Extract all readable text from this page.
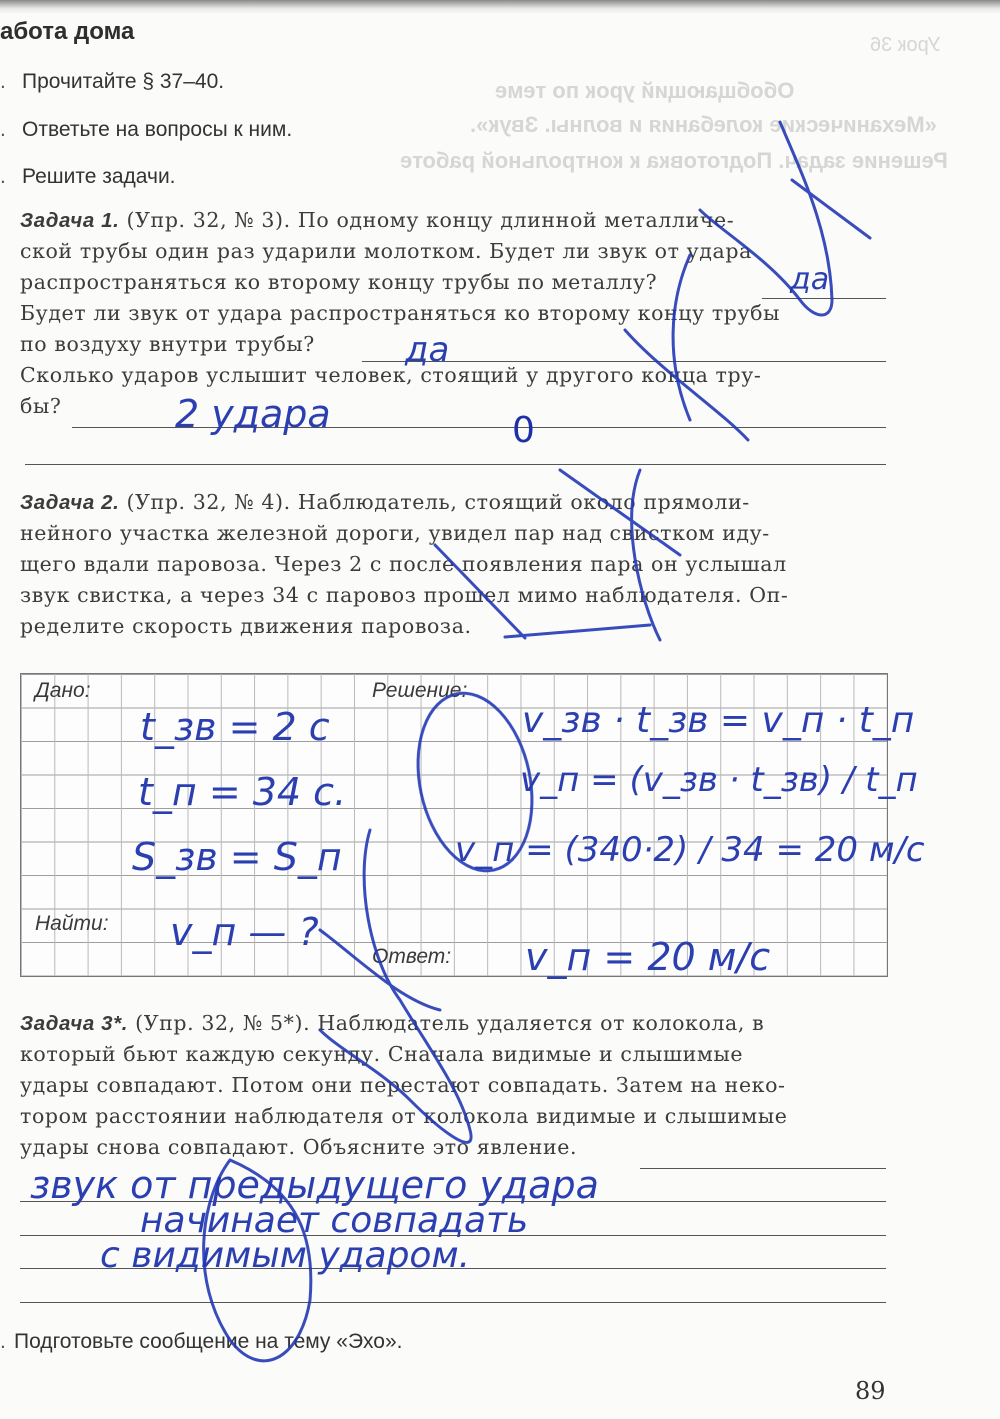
Урок 36
Обобщающий урок по теме
«Механические колебания и волны. Звук».
Решение задач. Подготовка к контрольной работе
абота дома
. Прочитайте § 37–40.
. Ответьте на вопросы к ним.
. Решите задачи.
Задача 1. (Упр. 32, № 3). По одному концу длинной металличе-
ской трубы один раз ударили молотком. Будет ли звук от удара
распространяться ко второму концу трубы по металлу?
Будет ли звук от удара распространяться ко второму концу трубы
по воздуху внутри трубы?
Сколько ударов услышит человек, стоящий у другого конца тру-
бы?
да
да
2 удара	0
Задача 2. (Упр. 32, № 4). Наблюдатель, стоящий около прямоли-
нейного участка железной дороги, увидел пар над свистком иду-
щего вдали паровоза. Через 2 с после появления пара он услышал
звук свистка, а через 34 с паровоз прошел мимо наблюдателя. Оп-
ределите скорость движения паровоза.
Дано:	Решение:
Найти:
Ответ:
t_зв = 2 с
t_п = 34 с.
S_зв = S_п
v_п — ?
v_зв · t_зв = v_п · t_п
v_п = (v_зв · t_зв) / t_п
v_п = (340·2) / 34 = 20 м/с
v_п = 20 м/с
Задача 3*. (Упр. 32, № 5*). Наблюдатель удаляется от колокола, в
который бьют каждую секунду. Сначала видимые и слышимые
удары совпадают. Потом они перестают совпадать. Затем на неко-
тором расстоянии наблюдателя от колокола видимые и слышимые
удары снова совпадают. Объясните это явление.
звук от предыдущего удара
начинает совпадать
с видимым ударом.
. Подготовьте сообщение на тему «Эхо».
89
